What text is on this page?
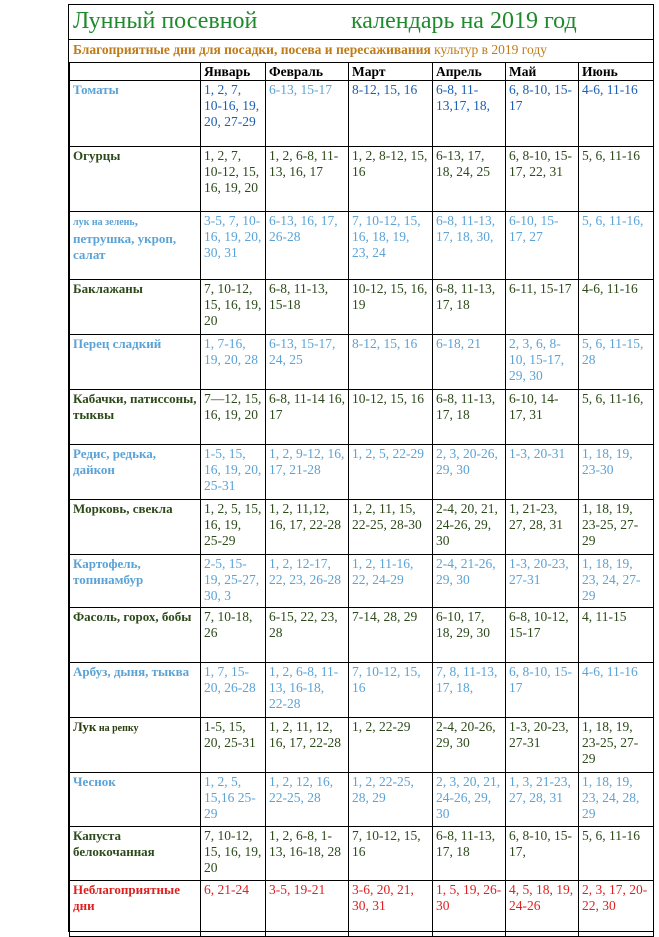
Лунный посевной	календарь на 2019 год
Благоприятные дни для посадки, посева и пересаживания культур в 2019 году
	Январь	Февраль	Март	Апрель	Май	Июнь
Томаты	1, 2, 7, 10-16, 19, 20, 27-29	6-13, 15-17	8-12, 15, 16	6-8, 11-13,17, 18,	6, 8-10, 15-17	4-6, 11-16
Огурцы	1, 2, 7, 10-12, 15, 16, 19, 20	1, 2, 6-8, 11-13, 16, 17	1, 2, 8-12, 15, 16	6-13, 17, 18, 24, 25	6, 8-10, 15-17, 22, 31	5, 6, 11-16
лук на зелень, петрушка, укроп, салат	3-5, 7, 10-16, 19, 20, 30, 31	6-13, 16, 17, 26-28	7, 10-12, 15, 16, 18, 19, 23, 24	6-8, 11-13, 17, 18, 30,	6-10, 15-17, 27	5, 6, 11-16,
Баклажаны	7, 10-12, 15, 16, 19, 20	6-8, 11-13, 15-18	10-12, 15, 16, 19	6-8, 11-13, 17, 18	6-11, 15-17	4-6, 11-16
Перец сладкий	1, 7-16, 19, 20, 28	6-13, 15-17, 24, 25	8-12, 15, 16	6-18, 21	2, 3, 6, 8-10, 15-17, 29, 30	5, 6, 11-15, 28
Кабачки, патиссоны, тыквы	7—12, 15, 16, 19, 20	6-8, 11-14 16, 17	10-12, 15, 16	6-8, 11-13, 17, 18	6-10, 14-17, 31	5, 6, 11-16,
Редис, редька, дайкон	1-5, 15, 16, 19, 20, 25-31	1, 2, 9-12, 16, 17, 21-28	1, 2, 5, 22-29	2, 3, 20-26, 29, 30	1-3, 20-31	1, 18, 19, 23-30
Морковь, свекла	1, 2, 5, 15, 16, 19, 25-29	1, 2, 11,12, 16, 17, 22-28	1, 2, 11, 15, 22-25, 28-30	2-4, 20, 21, 24-26, 29, 30	1, 21-23, 27, 28, 31	1, 18, 19, 23-25, 27-29
Картофель, топинамбур	2-5, 15-19, 25-27, 30, 3	1, 2, 12-17, 22, 23, 26-28	1, 2, 11-16, 22, 24-29	2-4, 21-26, 29, 30	1-3, 20-23, 27-31	1, 18, 19, 23, 24, 27-29
Фасоль, горох, бобы	7, 10-18, 26	6-15, 22, 23, 28	7-14, 28, 29	6-10, 17, 18, 29, 30	6-8, 10-12, 15-17	4, 11-15
Арбуз, дыня, тыква	1, 7, 15-20, 26-28	1, 2, 6-8, 11-13, 16-18, 22-28	7, 10-12, 15, 16	7, 8, 11-13, 17, 18,	6, 8-10, 15-17	4-6, 11-16
Лук на репку	1-5, 15, 20, 25-31	1, 2, 11, 12, 16, 17, 22-28	1, 2, 22-29	2-4, 20-26, 29, 30	1-3, 20-23, 27-31	1, 18, 19, 23-25, 27-29
Чеснок	1, 2, 5, 15,16 25-29	1, 2, 12, 16, 22-25, 28	1, 2, 22-25, 28, 29	2, 3, 20, 21, 24-26, 29, 30	1, 3, 21-23, 27, 28, 31	1, 18, 19, 23, 24, 28, 29
Капуста белокочанная	7, 10-12, 15, 16, 19, 20	1, 2, 6-8, 1-13, 16-18, 28	7, 10-12, 15, 16	6-8, 11-13, 17, 18	6, 8-10, 15-17,	5, 6, 11-16
Неблагоприятные дни	6, 21-24	3-5, 19-21	3-6, 20, 21, 30, 31	1, 5, 19, 26-30	4, 5, 18, 19, 24-26	2, 3, 17, 20-22, 30
